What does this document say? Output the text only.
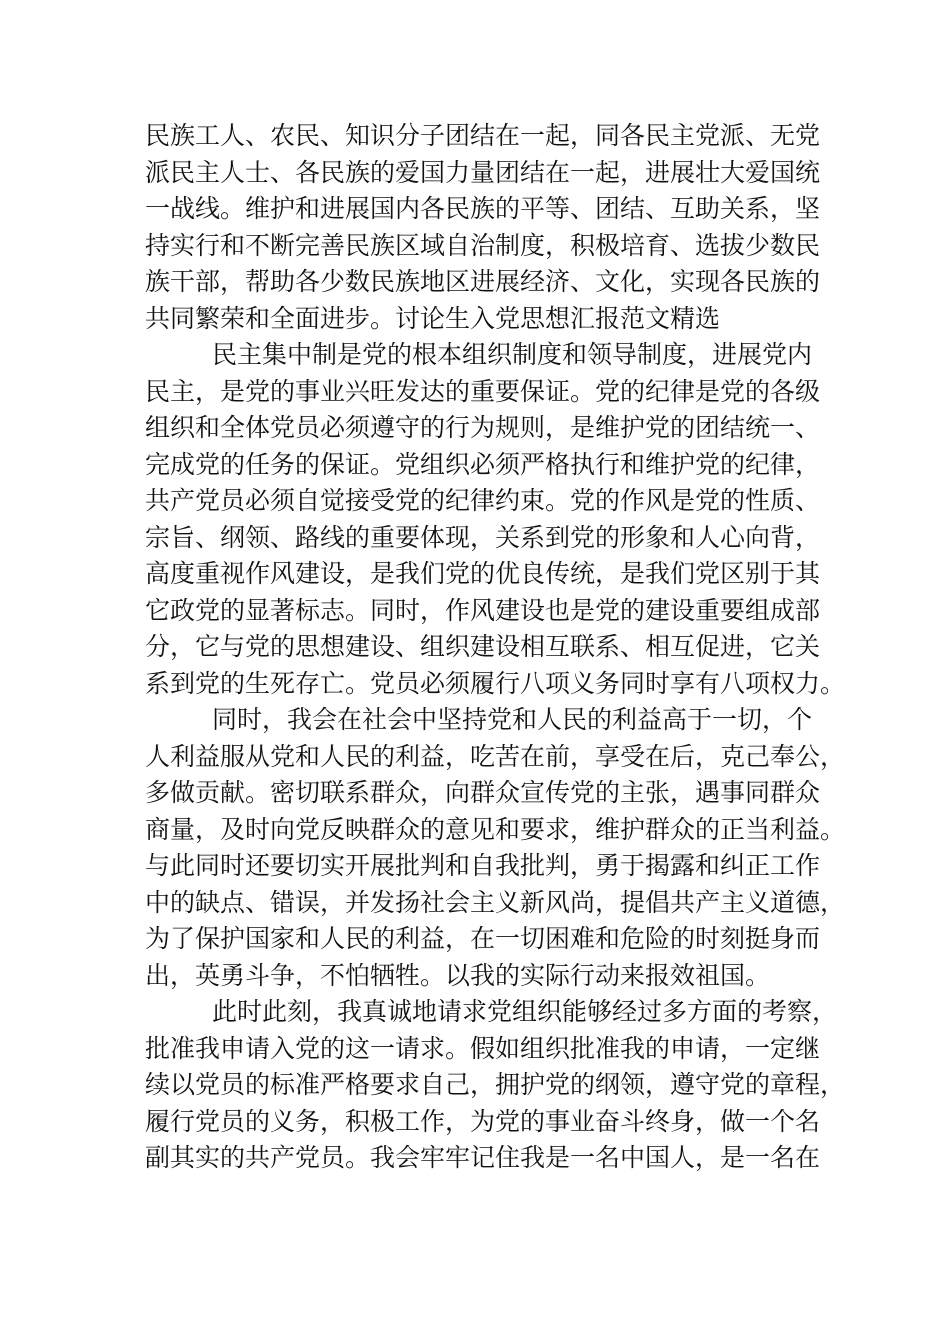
民族工人、农民、知识分子团结在一起，同各民主党派、无党
派民主人士、各民族的爱国力量团结在一起，进展壮大爱国统
一战线。维护和进展国内各民族的平等、团结、互助关系，坚
持实行和不断完善民族区域自治制度，积极培育、选拔少数民
族干部，帮助各少数民族地区进展经济、文化，实现各民族的
共同繁荣和全面进步。讨论生入党思想汇报范文精选
民主集中制是党的根本组织制度和领导制度，进展党内
民主，是党的事业兴旺发达的重要保证。党的纪律是党的各级
组织和全体党员必须遵守的行为规则，是维护党的团结统一、
完成党的任务的保证。党组织必须严格执行和维护党的纪律，
共产党员必须自觉接受党的纪律约束。党的作风是党的性质、
宗旨、纲领、路线的重要体现，关系到党的形象和人心向背，
高度重视作风建设，是我们党的优良传统，是我们党区别于其
它政党的显著标志。同时，作风建设也是党的建设重要组成部
分，它与党的思想建设、组织建设相互联系、相互促进，它关
系到党的生死存亡。党员必须履行八项义务同时享有八项权力。
同时，我会在社会中坚持党和人民的利益高于一切，个
人利益服从党和人民的利益，吃苦在前，享受在后，克己奉公，
多做贡献。密切联系群众，向群众宣传党的主张，遇事同群众
商量，及时向党反映群众的意见和要求，维护群众的正当利益。
与此同时还要切实开展批判和自我批判，勇于揭露和纠正工作
中的缺点、错误，并发扬社会主义新风尚，提倡共产主义道德，
为了保护国家和人民的利益，在一切困难和危险的时刻挺身而
出，英勇斗争，不怕牺牲。以我的实际行动来报效祖国。
此时此刻，我真诚地请求党组织能够经过多方面的考察，
批准我申请入党的这一请求。假如组织批准我的申请，一定继
续以党员的标准严格要求自己，拥护党的纲领，遵守党的章程，
履行党员的义务，积极工作，为党的事业奋斗终身，做一个名
副其实的共产党员。我会牢牢记住我是一名中国人，是一名在
